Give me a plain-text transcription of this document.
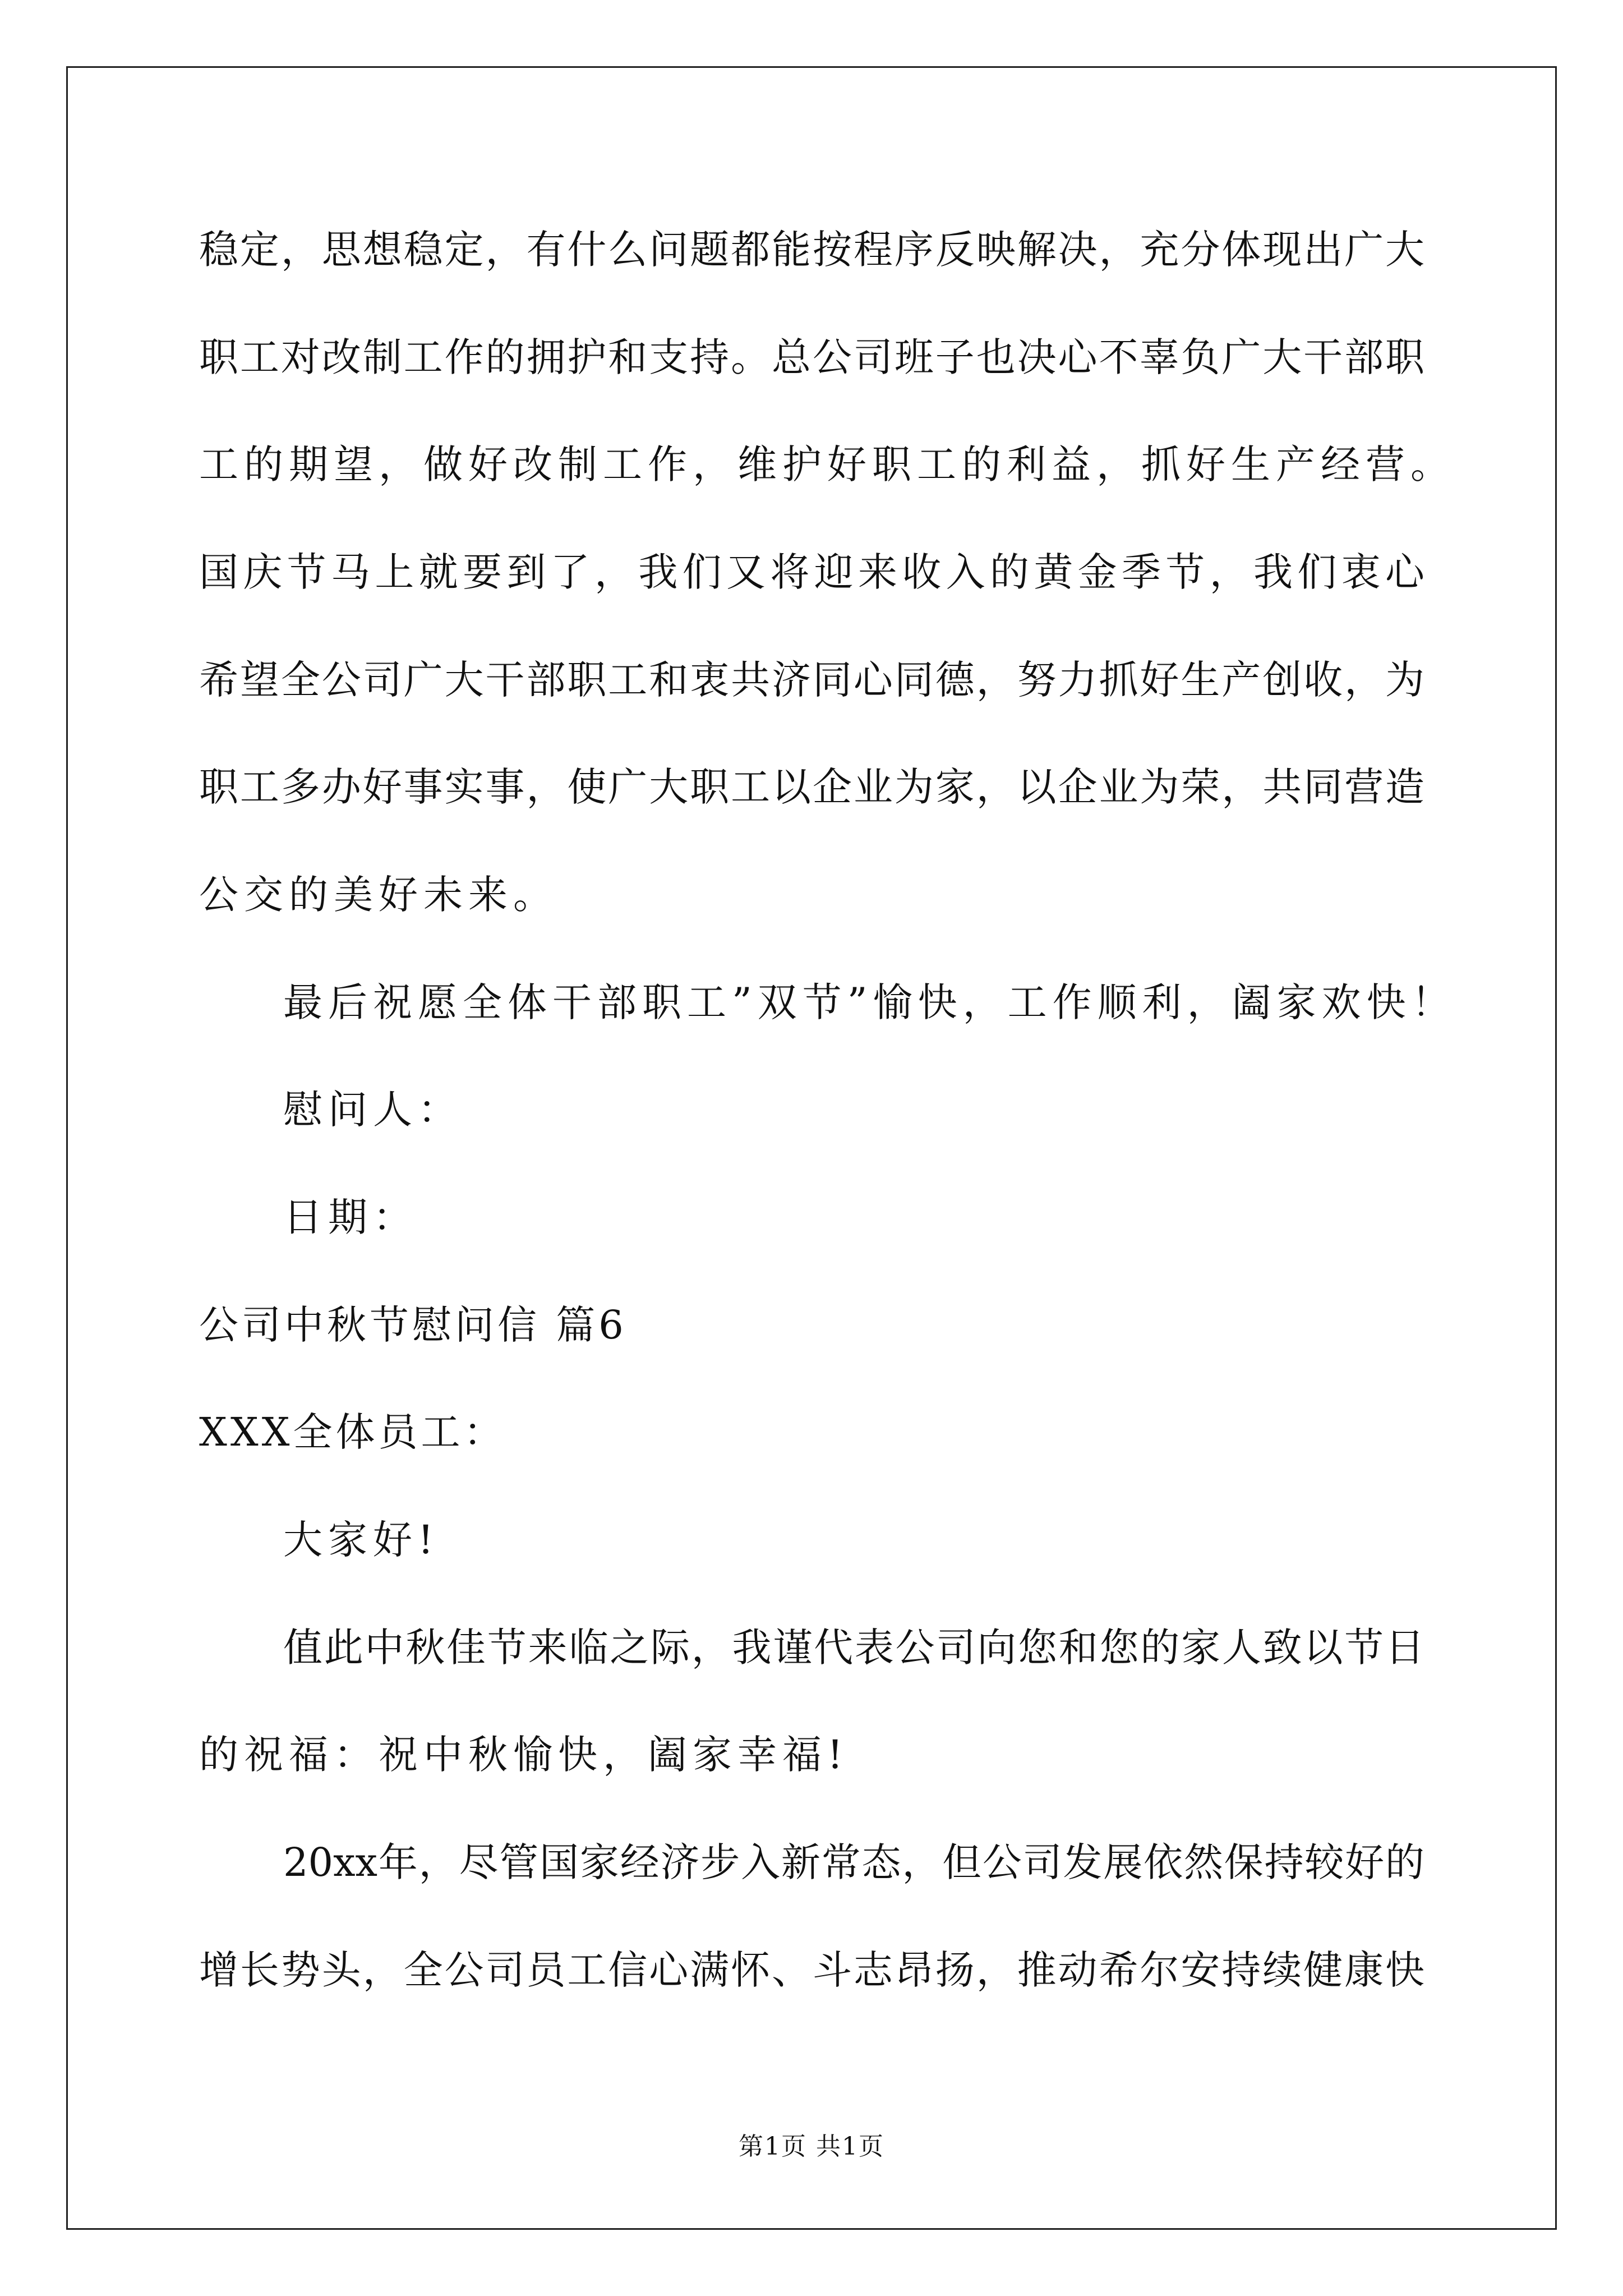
稳定，思想稳定，有什么问题都能按程序反映解决，充分体现出广大
职工对改制工作的拥护和支持。总公司班子也决心不辜负广大干部职
工的期望，做好改制工作，维护好职工的利益，抓好生产经营。
国庆节马上就要到了，我们又将迎来收入的黄金季节，我们衷心
希望全公司广大干部职工和衷共济同心同德，努力抓好生产创收，为
职工多办好事实事，使广大职工以企业为家，以企业为荣，共同营造
公交的美好未来。
最后祝愿全体干部职工”双节”愉快，工作顺利，阖家欢快！
慰问人：
日期：
公司中秋节慰问信 篇6
XXX全体员工：
大家好!
值此中秋佳节来临之际，我谨代表公司向您和您的家人致以节日
的祝福：祝中秋愉快，阖家幸福!
20xx年，尽管国家经济步入新常态，但公司发展依然保持较好的
增长势头，全公司员工信心满怀、斗志昂扬，推动希尔安持续健康快
第1页 共1页
